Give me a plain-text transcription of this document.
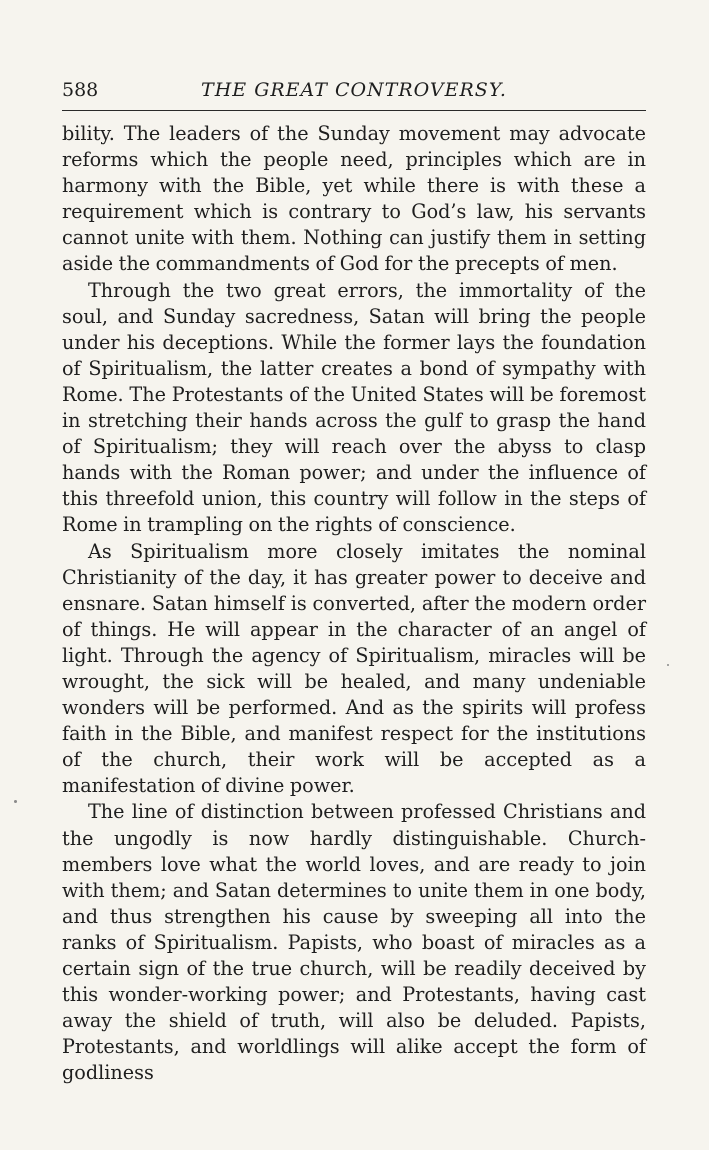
588	THE GREAT CONTROVERSY.

bility. The leaders of the Sunday movement may advocate reforms which the people need, principles which are in harmony with the Bible, yet while there is with these a requirement which is contrary to God’s law, his servants cannot unite with them. Nothing can justify them in setting aside the commandments of God for the precepts of men.

Through the two great errors, the immortality of the soul, and Sunday sacredness, Satan will bring the people under his deceptions. While the former lays the foundation of Spiritualism, the latter creates a bond of sympathy with Rome. The Protestants of the United States will be foremost in stretching their hands across the gulf to grasp the hand of Spiritualism; they will reach over the abyss to clasp hands with the Roman power; and under the influence of this threefold union, this country will follow in the steps of Rome in trampling on the rights of conscience.

As Spiritualism more closely imitates the nominal Christianity of the day, it has greater power to deceive and ensnare. Satan himself is converted, after the modern order of things. He will appear in the character of an angel of light. Through the agency of Spiritualism, miracles will be wrought, the sick will be healed, and many undeniable wonders will be performed. And as the spirits will profess faith in the Bible, and manifest respect for the institutions of the church, their work will be accepted as a manifestation of divine power.

The line of distinction between professed Christians and the ungodly is now hardly distinguishable. Church-members love what the world loves, and are ready to join with them; and Satan determines to unite them in one body, and thus strengthen his cause by sweeping all into the ranks of Spiritualism. Papists, who boast of miracles as a certain sign of the true church, will be readily deceived by this wonder-working power; and Protestants, having cast away the shield of truth, will also be deluded. Papists, Protestants, and worldlings will alike accept the form of godliness
